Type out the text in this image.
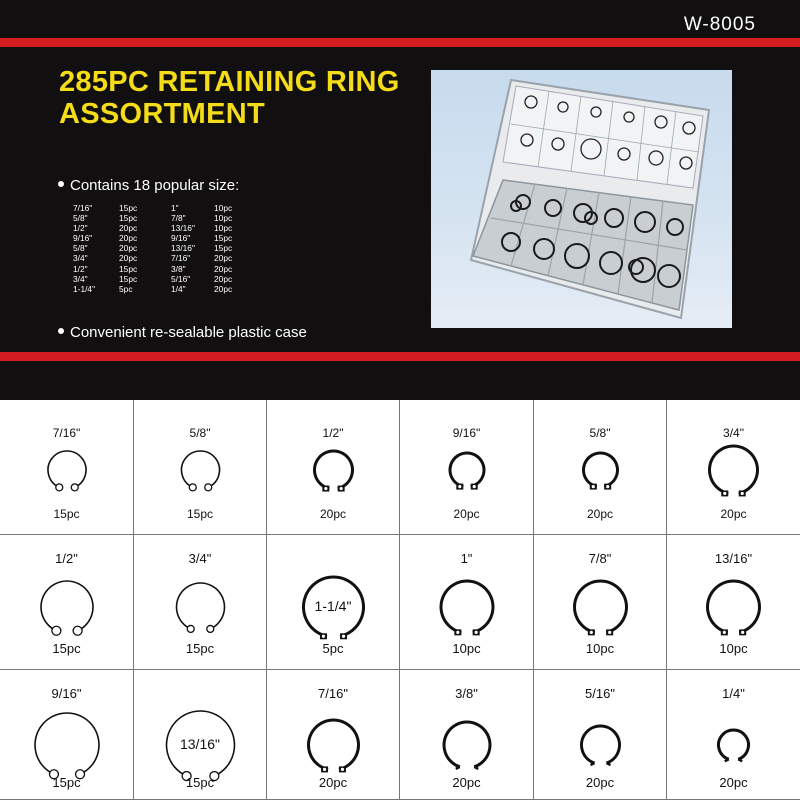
W-8005
285PC RETAINING RING
ASSORTMENT
Contains 18 popular size:
7/16"	15pc	1"	10pc
5/8"	15pc	7/8"	10pc
1/2"	20pc	13/16"	10pc
9/16"	20pc	9/16"	15pc
5/8"	20pc	13/16"	15pc
3/4"	20pc	7/16"	20pc
1/2"	15pc	3/8"	20pc
3/4"	15pc	5/16"	20pc
1-1/4"	5pc	1/4"	20pc
Convenient re-sealable plastic case
7/16"
15pc
5/8"
15pc
1/2"
20pc
9/16"
20pc
5/8"
20pc
3/4"
20pc
1/2"
15pc
3/4"
15pc
1-1/4"
5pc
1"
10pc
7/8"
10pc
13/16"
10pc
9/16"
15pc
13/16"
15pc
7/16"
20pc
3/8"
20pc
5/16"
20pc
1/4"
20pc
